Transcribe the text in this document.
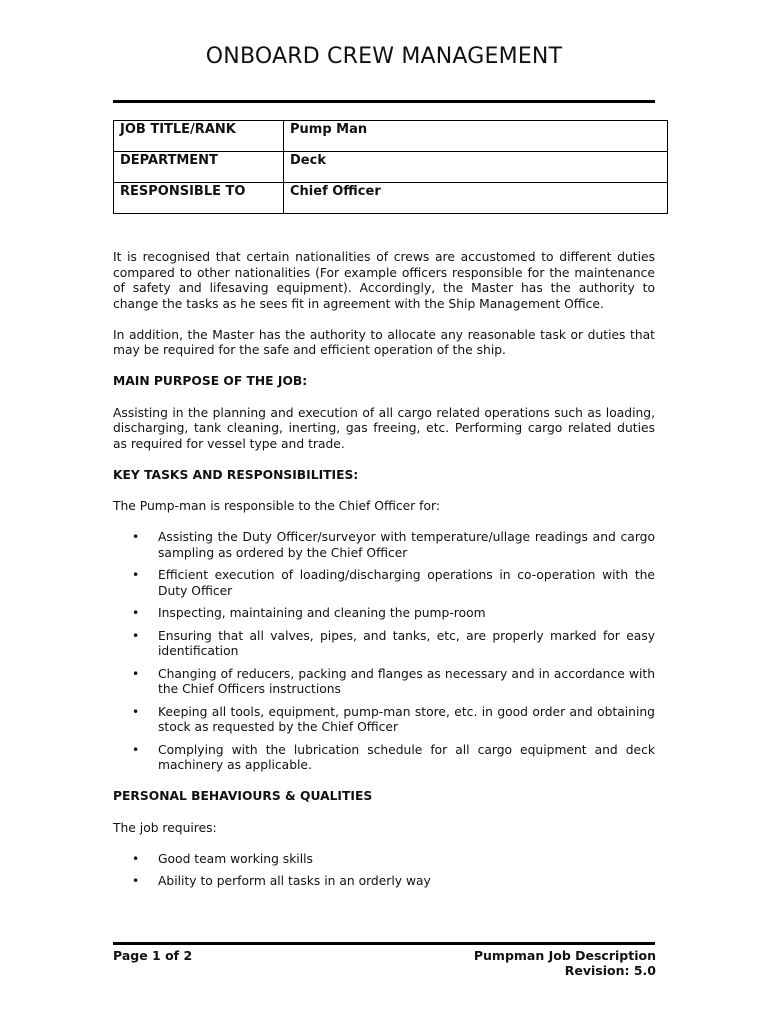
ONBOARD CREW MANAGEMENT
JOB TITLE/RANK	Pump Man
DEPARTMENT	Deck
RESPONSIBLE TO	Chief Officer

It is recognised that certain nationalities of crews are accustomed to different duties compared to other nationalities (For example officers responsible for the maintenance of safety and lifesaving equipment). Accordingly, the Master has the authority to change the tasks as he sees fit in agreement with the Ship Management Office.

In addition, the Master has the authority to allocate any reasonable task or duties that may be required for the safe and efficient operation of the ship.

MAIN PURPOSE OF THE JOB:

Assisting in the planning and execution of all cargo related operations such as loading, discharging, tank cleaning, inerting, gas freeing, etc. Performing cargo related duties as required for vessel type and trade.

KEY TASKS AND RESPONSIBILITIES:

The Pump-man is responsible to the Chief Officer for:

• Assisting the Duty Officer/surveyor with temperature/ullage readings and cargo sampling as ordered by the Chief Officer
• Efficient execution of loading/discharging operations in co-operation with the Duty Officer
• Inspecting, maintaining and cleaning the pump-room
• Ensuring that all valves, pipes, and tanks, etc, are properly marked for easy identification
• Changing of reducers, packing and flanges as necessary and in accordance with the Chief Officers instructions
• Keeping all tools, equipment, pump-man store, etc. in good order and obtaining stock as requested by the Chief Officer
• Complying with the lubrication schedule for all cargo equipment and deck machinery as applicable.

PERSONAL BEHAVIOURS & QUALITIES

The job requires:

• Good team working skills
• Ability to perform all tasks in an orderly way
Page 1 of 2	Pumpman Job Description
Revision: 5.0
